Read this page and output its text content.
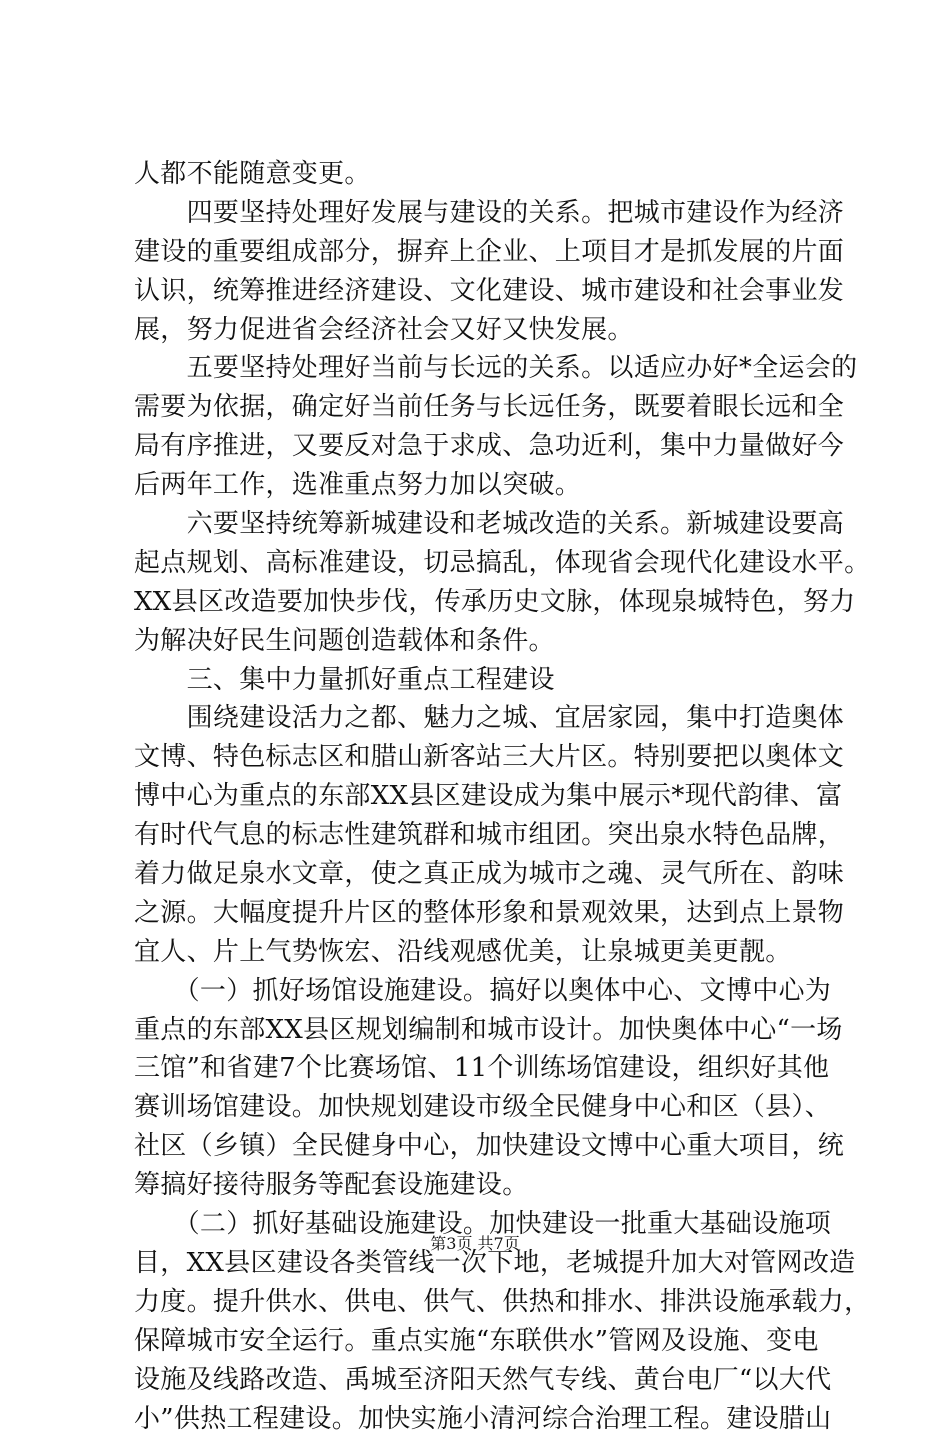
人都不能随意变更。
　　四要坚持处理好发展与建设的关系。把城市建设作为经济
建设的重要组成部分，摒弃上企业、上项目才是抓发展的片面
认识，统筹推进经济建设、文化建设、城市建设和社会事业发
展，努力促进省会经济社会又好又快发展。
　　五要坚持处理好当前与长远的关系。以适应办好*全运会的
需要为依据，确定好当前任务与长远任务，既要着眼长远和全
局有序推进，又要反对急于求成、急功近利，集中力量做好今
后两年工作，选准重点努力加以突破。
　　六要坚持统筹新城建设和老城改造的关系。新城建设要高
起点规划、高标准建设，切忌搞乱，体现省会现代化建设水平。
XX县区改造要加快步伐，传承历史文脉，体现泉城特色，努力
为解决好民生问题创造载体和条件。
　　三、集中力量抓好重点工程建设
　　围绕建设活力之都、魅力之城、宜居家园，集中打造奥体
文博、特色标志区和腊山新客站三大片区。特别要把以奥体文
博中心为重点的东部XX县区建设成为集中展示*现代韵律、富
有时代气息的标志性建筑群和城市组团。突出泉水特色品牌，
着力做足泉水文章，使之真正成为城市之魂、灵气所在、韵味
之源。大幅度提升片区的整体形象和景观效果，达到点上景物
宜人、片上气势恢宏、沿线观感优美，让泉城更美更靓。
　　（一）抓好场馆设施建设。搞好以奥体中心、文博中心为
重点的东部XX县区规划编制和城市设计。加快奥体中心“一场
三馆”和省建7个比赛场馆、11个训练场馆建设，组织好其他
赛训场馆建设。加快规划建设市级全民健身中心和区（县）、
社区（乡镇）全民健身中心，加快建设文博中心重大项目，统
筹搞好接待服务等配套设施建设。
　　（二）抓好基础设施建设。加快建设一批重大基础设施项
目，XX县区建设各类管线一次下地，老城提升加大对管网改造
力度。提升供水、供电、供气、供热和排水、排洪设施承载力，
保障城市安全运行。重点实施“东联供水”管网及设施、变电
设施及线路改造、禹城至济阳天然气专线、黄台电厂“以大代
小”供热工程建设。加快实施小清河综合治理工程。建设腊山
第3页 共7页
